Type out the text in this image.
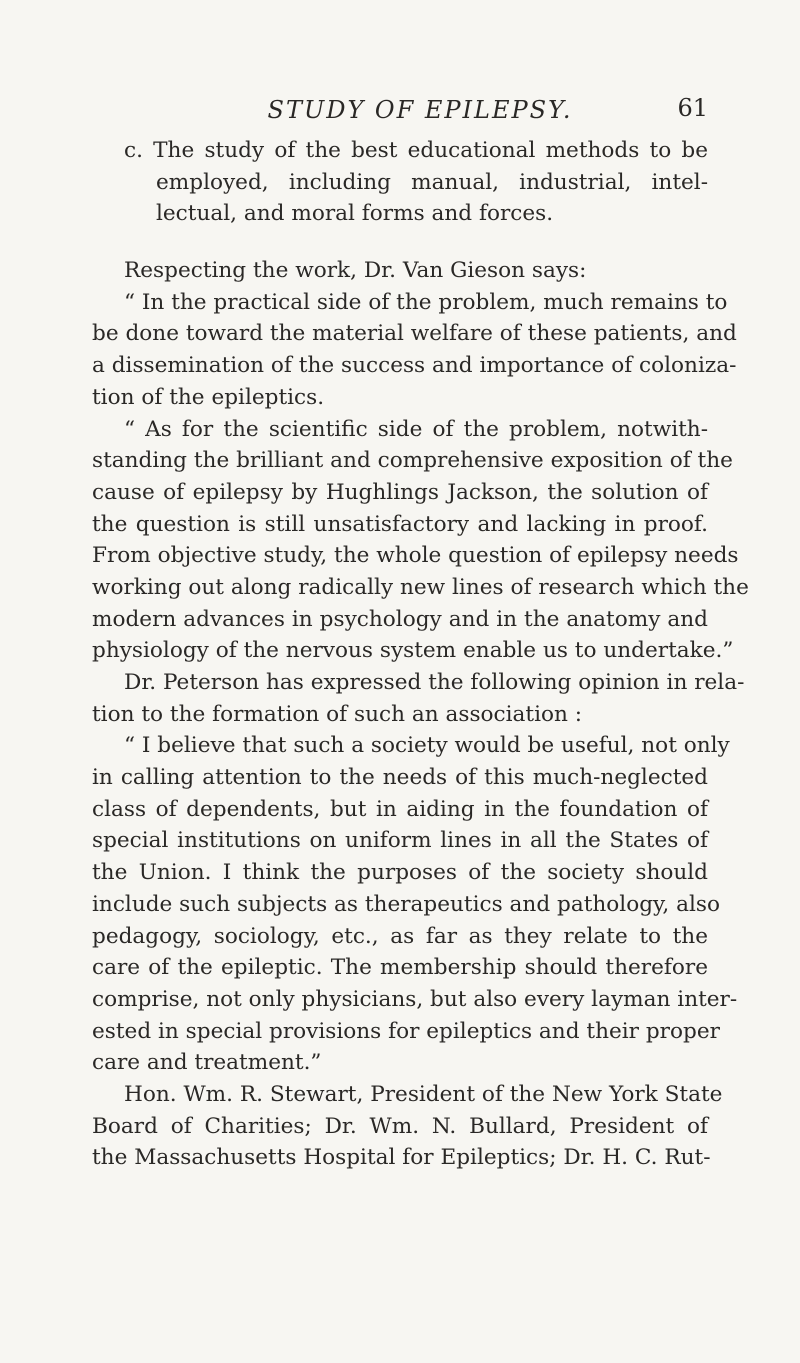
STUDY OF EPILEPSY.	61
c. The study of the best educational methods to be
employed, including manual, industrial, intel-
lectual, and moral forms and forces.
Respecting the work, Dr. Van Gieson says:
“ In the practical side of the problem, much remains to
be done toward the material welfare of these patients, and
a dissemination of the success and importance of coloniza-
tion of the epileptics.
“ As for the scientific side of the problem, notwith-
standing the brilliant and comprehensive exposition of the
cause of epilepsy by Hughlings Jackson, the solution of
the question is still unsatisfactory and lacking in proof.
From objective study, the whole question of epilepsy needs
working out along radically new lines of research which the
modern advances in psychology and in the anatomy and
physiology of the nervous system enable us to undertake.”
Dr. Peterson has expressed the following opinion in rela-
tion to the formation of such an association :
“ I believe that such a society would be useful, not only
in calling attention to the needs of this much-neglected
class of dependents, but in aiding in the foundation of
special institutions on uniform lines in all the States of
the Union. I think the purposes of the society should
include such subjects as therapeutics and pathology, also
pedagogy, sociology, etc., as far as they relate to the
care of the epileptic. The membership should therefore
comprise, not only physicians, but also every layman inter-
ested in special provisions for epileptics and their proper
care and treatment.”
Hon. Wm. R. Stewart, President of the New York State
Board of Charities; Dr. Wm. N. Bullard, President of
the Massachusetts Hospital for Epileptics; Dr. H. C. Rut-
